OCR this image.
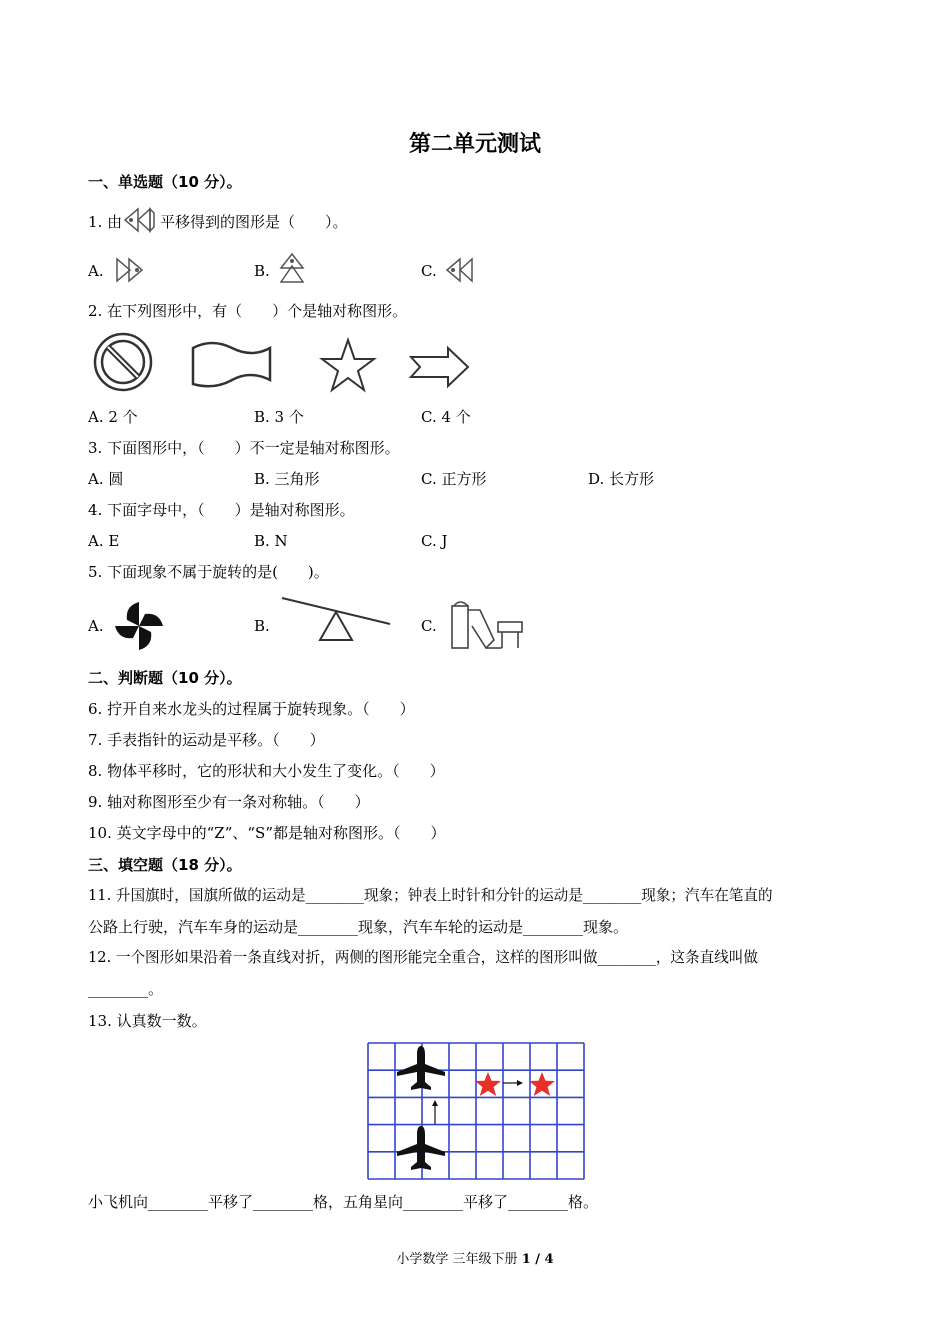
第二单元测试
一、单选题（10 分）。
1. 由	平移得到的图形是（　　）。
A.	B.	C.
2. 在下列图形中，有（　　）个是轴对称图形。
A. 2 个	B. 3 个	C. 4 个
3. 下面图形中，（　　）不一定是轴对称图形。
A. 圆	B. 三角形	C. 正方形	D. 长方形
4. 下面字母中，（　　）是轴对称图形。
A. E	B. N	C. J
5. 下面现象不属于旋转的是(　　)。
A.	B.	C.
二、判断题（10 分）。
6. 拧开自来水龙头的过程属于旋转现象。（　　）
7. 手表指针的运动是平移。（　　）
8. 物体平移时，它的形状和大小发生了变化。（　　）
9. 轴对称图形至少有一条对称轴。（　　）
10. 英文字母中的“Z”、“S”都是轴对称图形。（　　）
三、填空题（18 分）。
11. 升国旗时，国旗所做的运动是________现象；钟表上时针和分针的运动是________现象；汽车在笔直的
公路上行驶，汽车车身的运动是________现象，汽车车轮的运动是________现象。
12. 一个图形如果沿着一条直线对折，两侧的图形能完全重合，这样的图形叫做________，这条直线叫做
________。
13. 认真数一数。
小飞机向________平移了________格，五角星向________平移了________格。
小学数学 三年级下册 1 / 4
